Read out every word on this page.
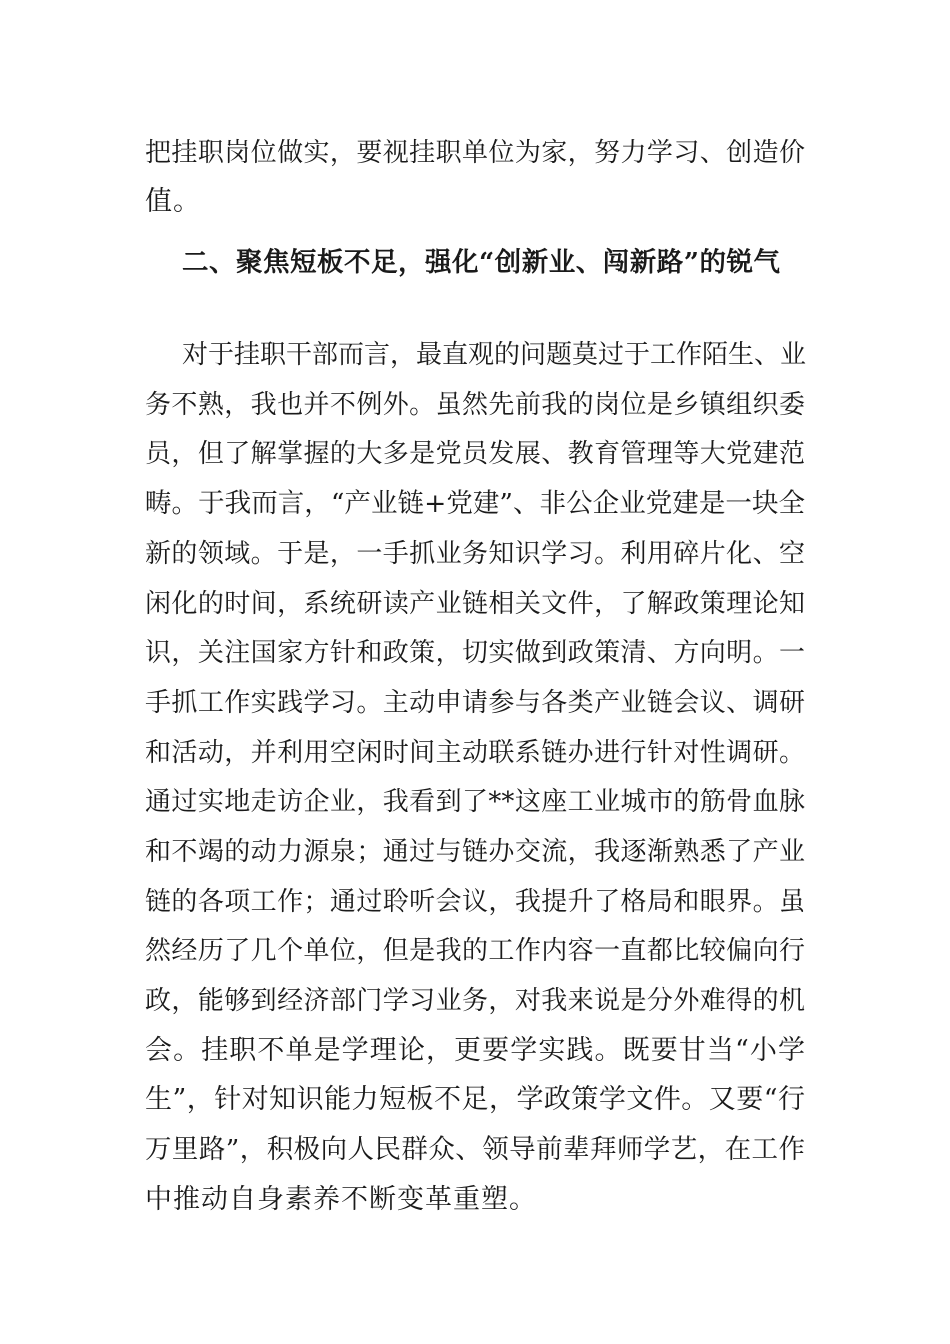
把挂职岗位做实，要视挂职单位为家，努力学习、创造价
值。
二、聚焦短板不足，强化“创新业、闯新路”的锐气
对于挂职干部而言，最直观的问题莫过于工作陌生、业
务不熟，我也并不例外。虽然先前我的岗位是乡镇组织委
员，但了解掌握的大多是党员发展、教育管理等大党建范
畴。于我而言，“产业链+党建”、非公企业党建是一块全
新的领域。于是，一手抓业务知识学习。利用碎片化、空
闲化的时间，系统研读产业链相关文件，了解政策理论知
识，关注国家方针和政策，切实做到政策清、方向明。一
手抓工作实践学习。主动申请参与各类产业链会议、调研
和活动，并利用空闲时间主动联系链办进行针对性调研。
通过实地走访企业，我看到了**这座工业城市的筋骨血脉
和不竭的动力源泉；通过与链办交流，我逐渐熟悉了产业
链的各项工作；通过聆听会议，我提升了格局和眼界。虽
然经历了几个单位，但是我的工作内容一直都比较偏向行
政，能够到经济部门学习业务，对我来说是分外难得的机
会。挂职不单是学理论，更要学实践。既要甘当“小学
生”，针对知识能力短板不足，学政策学文件。又要“行
万里路”，积极向人民群众、领导前辈拜师学艺，在工作
中推动自身素养不断变革重塑。
